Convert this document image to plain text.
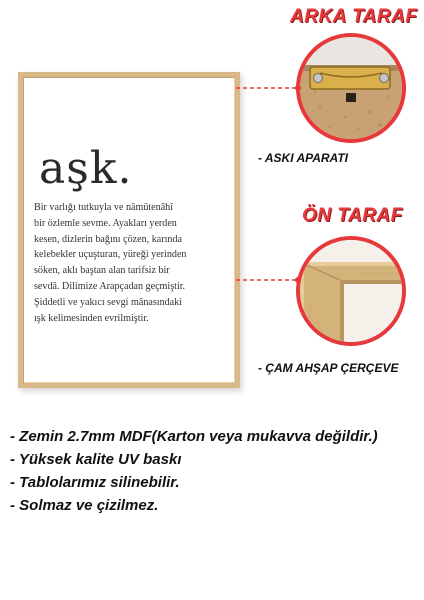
aşk.

Bir varlığı tutkuyla ve nâmütenâhî
bir özlemle sevme. Ayakları yerden
kesen, dizlerin bağını çözen, karında
kelebekler uçuşturan, yüreği yerinden
söken, aklı baştan alan tarifsiz bir
sevdâ. Dilimize Arapçadan geçmiştir.
Şiddetli ve yakıcı sevgi mânasındaki
ışk kelimesinden evrilmiştir.

ARKA TARAF
- ASKI APARATI
ÖN TARAF
- ÇAM AHŞAP ÇERÇEVE
- Zemin 2.7mm MDF(Karton veya mukavva değildir.)
- Yüksek kalite UV baskı
- Tablolarımız silinebilir.
- Solmaz ve çizilmez.
